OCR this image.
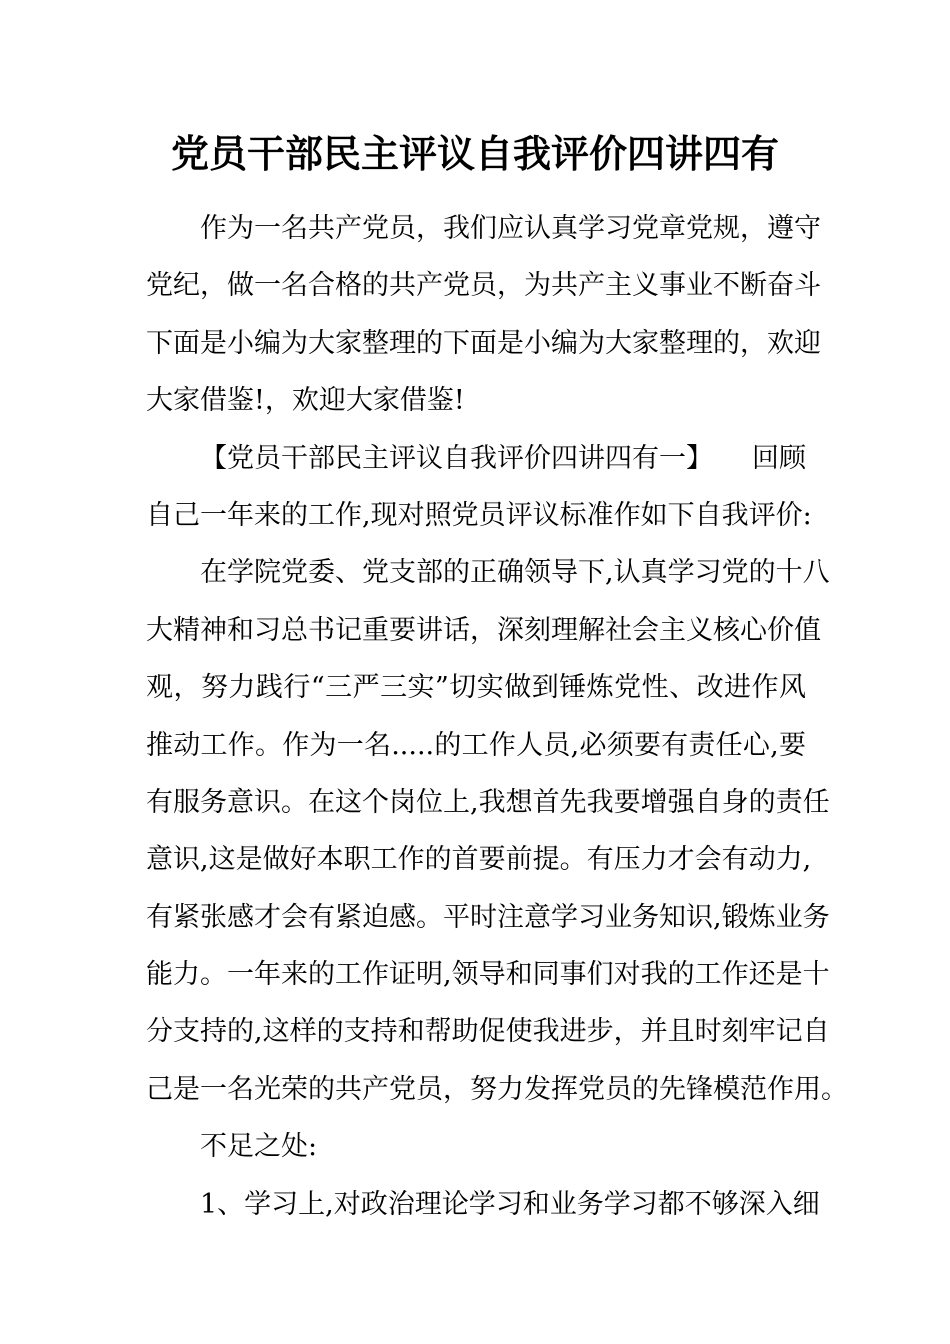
党员干部民主评议自我评价四讲四有
作为一名共产党员，我们应认真学习党章党规，遵守
党纪，做一名合格的共产党员，为共产主义事业不断奋斗
下面是小编为大家整理的下面是小编为大家整理的，欢迎
大家借鉴!，欢迎大家借鉴!
【党员干部民主评议自我评价四讲四有一】 回顾
自己一年来的工作,现对照党员评议标准作如下自我评价:
在学院党委、党支部的正确领导下,认真学习党的十八
大精神和习总书记重要讲话，深刻理解社会主义核心价值
观，努力践行“三严三实”切实做到锤炼党性、改进作风
推动工作。作为一名.....的工作人员,必须要有责任心,要
有服务意识。在这个岗位上,我想首先我要增强自身的责任
意识,这是做好本职工作的首要前提。有压力才会有动力,
有紧张感才会有紧迫感。平时注意学习业务知识,锻炼业务
能力。一年来的工作证明,领导和同事们对我的工作还是十
分支持的,这样的支持和帮助促使我进步，并且时刻牢记自
己是一名光荣的共产党员，努力发挥党员的先锋模范作用。
不足之处:
1、学习上,对政治理论学习和业务学习都不够深入细
